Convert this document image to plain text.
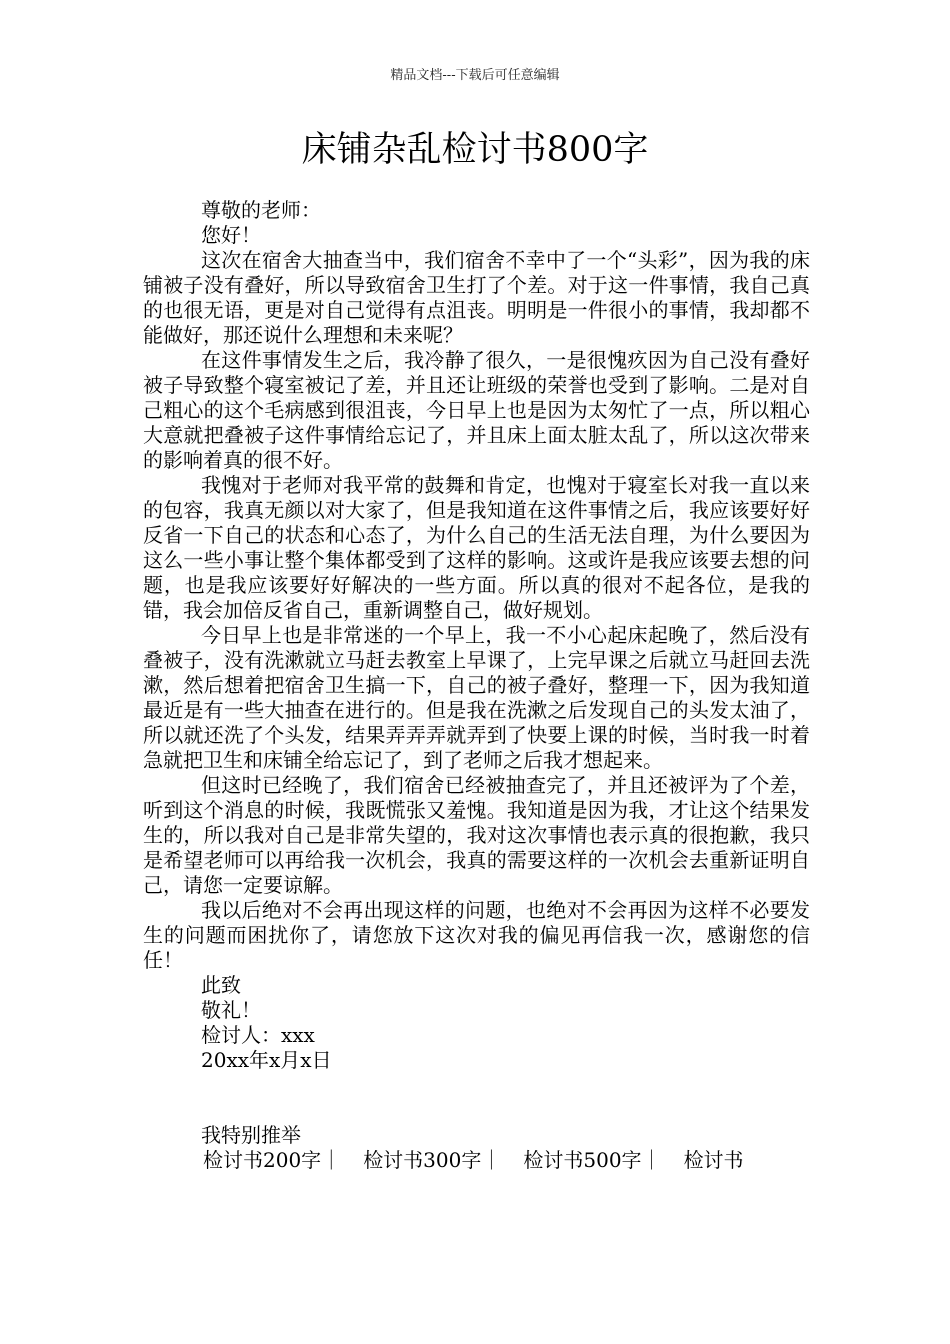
精品文档---下载后可任意编辑
床铺杂乱检讨书800字

尊敬的老师：

您好！

这次在宿舍大抽查当中，我们宿舍不幸中了一个“头彩”，因为我的床铺被子没有叠好，所以导致宿舍卫生打了个差。对于这一件事情，我自己真的也很无语，更是对自己觉得有点沮丧。明明是一件很小的事情，我却都不能做好，那还说什么理想和未来呢？

在这件事情发生之后，我冷静了很久，一是很愧疚因为自己没有叠好被子导致整个寝室被记了差，并且还让班级的荣誉也受到了影响。二是对自己粗心的这个毛病感到很沮丧，今日早上也是因为太匆忙了一点，所以粗心大意就把叠被子这件事情给忘记了，并且床上面太脏太乱了，所以这次带来的影响着真的很不好。

我愧对于老师对我平常的鼓舞和肯定，也愧对于寝室长对我一直以来的包容，我真无颜以对大家了，但是我知道在这件事情之后，我应该要好好反省一下自己的状态和心态了，为什么自己的生活无法自理，为什么要因为这么一些小事让整个集体都受到了这样的影响。这或许是我应该要去想的问题，也是我应该要好好解决的一些方面。所以真的很对不起各位，是我的错，我会加倍反省自己，重新调整自己，做好规划。

今日早上也是非常迷的一个早上，我一不小心起床起晚了，然后没有叠被子，没有洗漱就立马赶去教室上早课了，上完早课之后就立马赶回去洗漱，然后想着把宿舍卫生搞一下，自己的被子叠好，整理一下，因为我知道最近是有一些大抽查在进行的。但是我在洗漱之后发现自己的头发太油了，所以就还洗了个头发，结果弄弄弄就弄到了快要上课的时候，当时我一时着急就把卫生和床铺全给忘记了，到了老师之后我才想起来。

但这时已经晚了，我们宿舍已经被抽查完了，并且还被评为了个差，听到这个消息的时候，我既慌张又羞愧。我知道是因为我，才让这个结果发生的，所以我对自己是非常失望的，我对这次事情也表示真的很抱歉，我只是希望老师可以再给我一次机会，我真的需要这样的一次机会去重新证明自己，请您一定要谅解。

我以后绝对不会再出现这样的问题，也绝对不会再因为这样不必要发生的问题而困扰你了，请您放下这次对我的偏见再信我一次，感谢您的信任！

此致

敬礼！

检讨人：xxx

20xx年x月x日

我特别推举

检讨书200字｜ 检讨书300字｜ 检讨书500字｜ 检讨书
